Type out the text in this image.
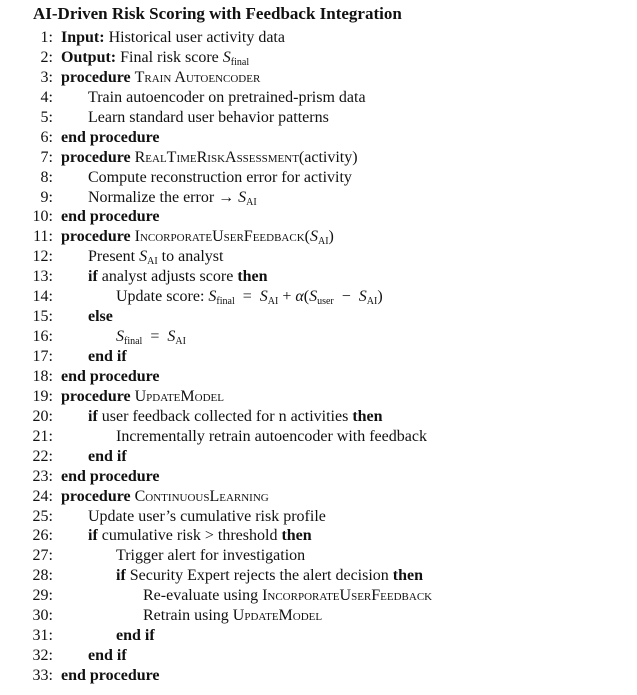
AI-Driven Risk Scoring with Feedback Integration
1: Input: Historical user activity data
2: Output: Final risk score $S_{final}$
3: procedure Train Autoencoder
4: Train autoencoder on pretrained-prism data
5: Learn standard user behavior patterns
6: end procedure
7: procedure RealTimeRiskAssessment(activity)
8: Compute reconstruction error for activity
9: Normalize the error → $S_{AI}$
10: end procedure
11: procedure $IncorporateUserFeedback(S_{AI})$
12: Present $S_{AI}$ to analyst
13: if analyst adjusts score then
14:	Update score: $S_{final} = S_{AI} + \alpha(S_{user} - S_{AI})$
15: else
16:	$S_{final} = S_{AI}$
17: end if
18: end procedure
19: procedure UpdateModel
20: if user feedback collected for n activities then
21:	Incrementally retrain autoencoder with feedback
22: end if
23: end procedure
24: procedure ContinuousLearning
25: Update user’s cumulative risk profile
26: if cumulative risk > threshold then
27:	Trigger alert for investigation
28:	if Security Expert rejects the alert decision then
29:	Re-evaluate using IncorporateUserFeedback
30:	Retrain using UpdateModel
31:	end if
32: end if
33: end procedure
